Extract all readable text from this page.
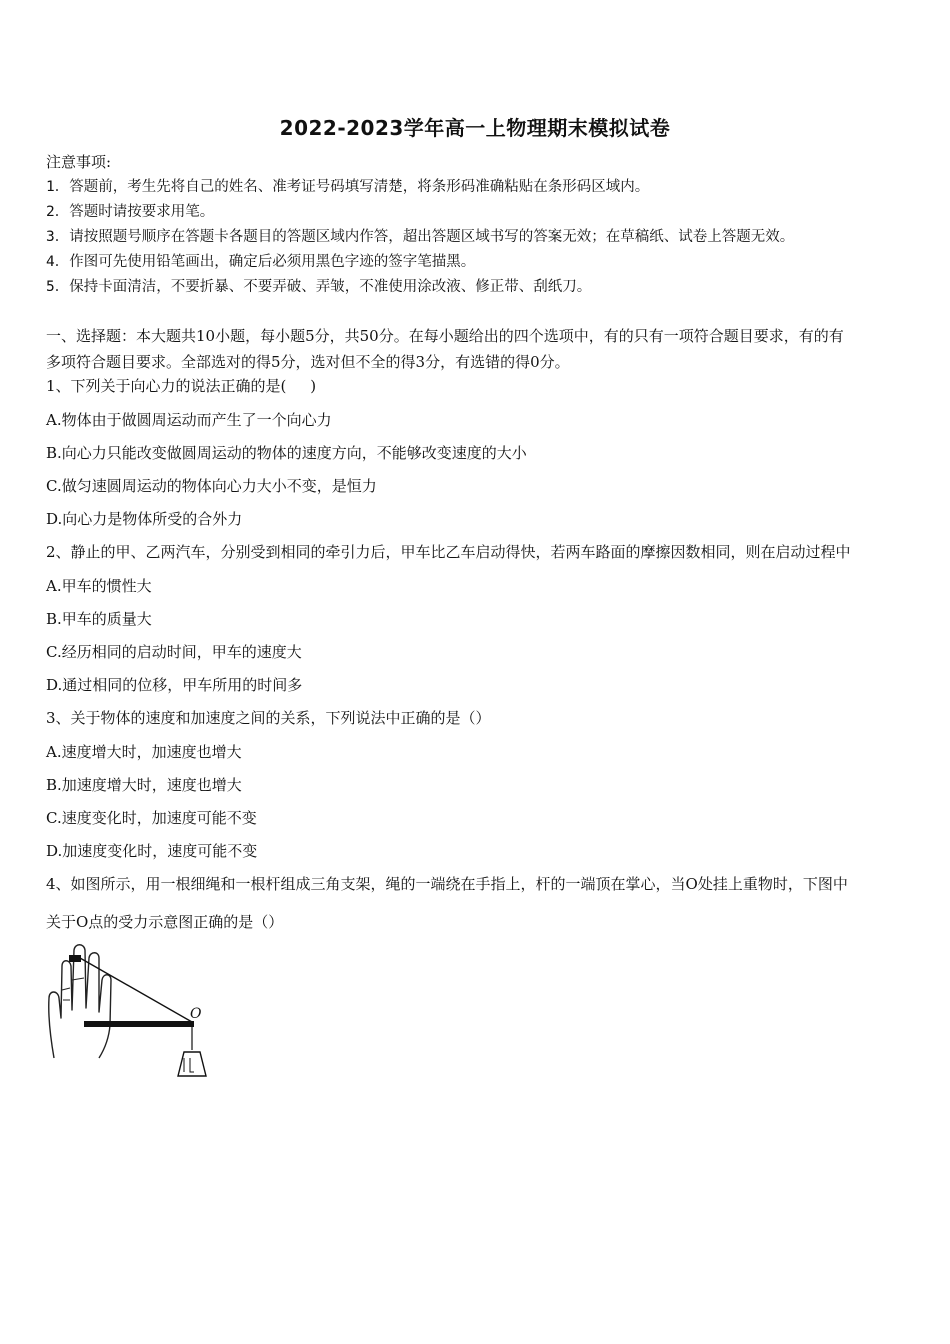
2022-2023学年高一上物理期末模拟试卷
注意事项:
1．答题前，考生先将自己的姓名、准考证号码填写清楚，将条形码准确粘贴在条形码区域内。
2．答题时请按要求用笔。
3．请按照题号顺序在答题卡各题目的答题区域内作答，超出答题区域书写的答案无效；在草稿纸、试卷上答题无效。
4．作图可先使用铅笔画出，确定后必须用黑色字迹的签字笔描黑。
5．保持卡面清洁，不要折暴、不要弄破、弄皱，不准使用涂改液、修正带、刮纸刀。
一、选择题：本大题共10小题，每小题5分，共50分。在每小题给出的四个选项中，有的只有一项符合题目要求，有的有
多项符合题目要求。全部选对的得5分，选对但不全的得3分，有选错的得0分。
1、下列关于向心力的说法正确的是(     )
A.物体由于做圆周运动而产生了一个向心力
B.向心力只能改变做圆周运动的物体的速度方向，不能够改变速度的大小
C.做匀速圆周运动的物体向心力大小不变，是恒力
D.向心力是物体所受的合外力
2、静止的甲、乙两汽车，分别受到相同的牵引力后，甲车比乙车启动得快，若两车路面的摩擦因数相同，则在启动过程中
A.甲车的惯性大
B.甲车的质量大
C.经历相同的启动时间，甲车的速度大
D.通过相同的位移，甲车所用的时间多
3、关于物体的速度和加速度之间的关系，下列说法中正确的是（）
A.速度增大时，加速度也增大
B.加速度增大时，速度也增大
C.速度变化时，加速度可能不变
D.加速度变化时，速度可能不变
4、如图所示，用一根细绳和一根杆组成三角支架，绳的一端绕在手指上，杆的一端顶在掌心，当O处挂上重物时，下图中
关于O点的受力示意图正确的是（）
O
